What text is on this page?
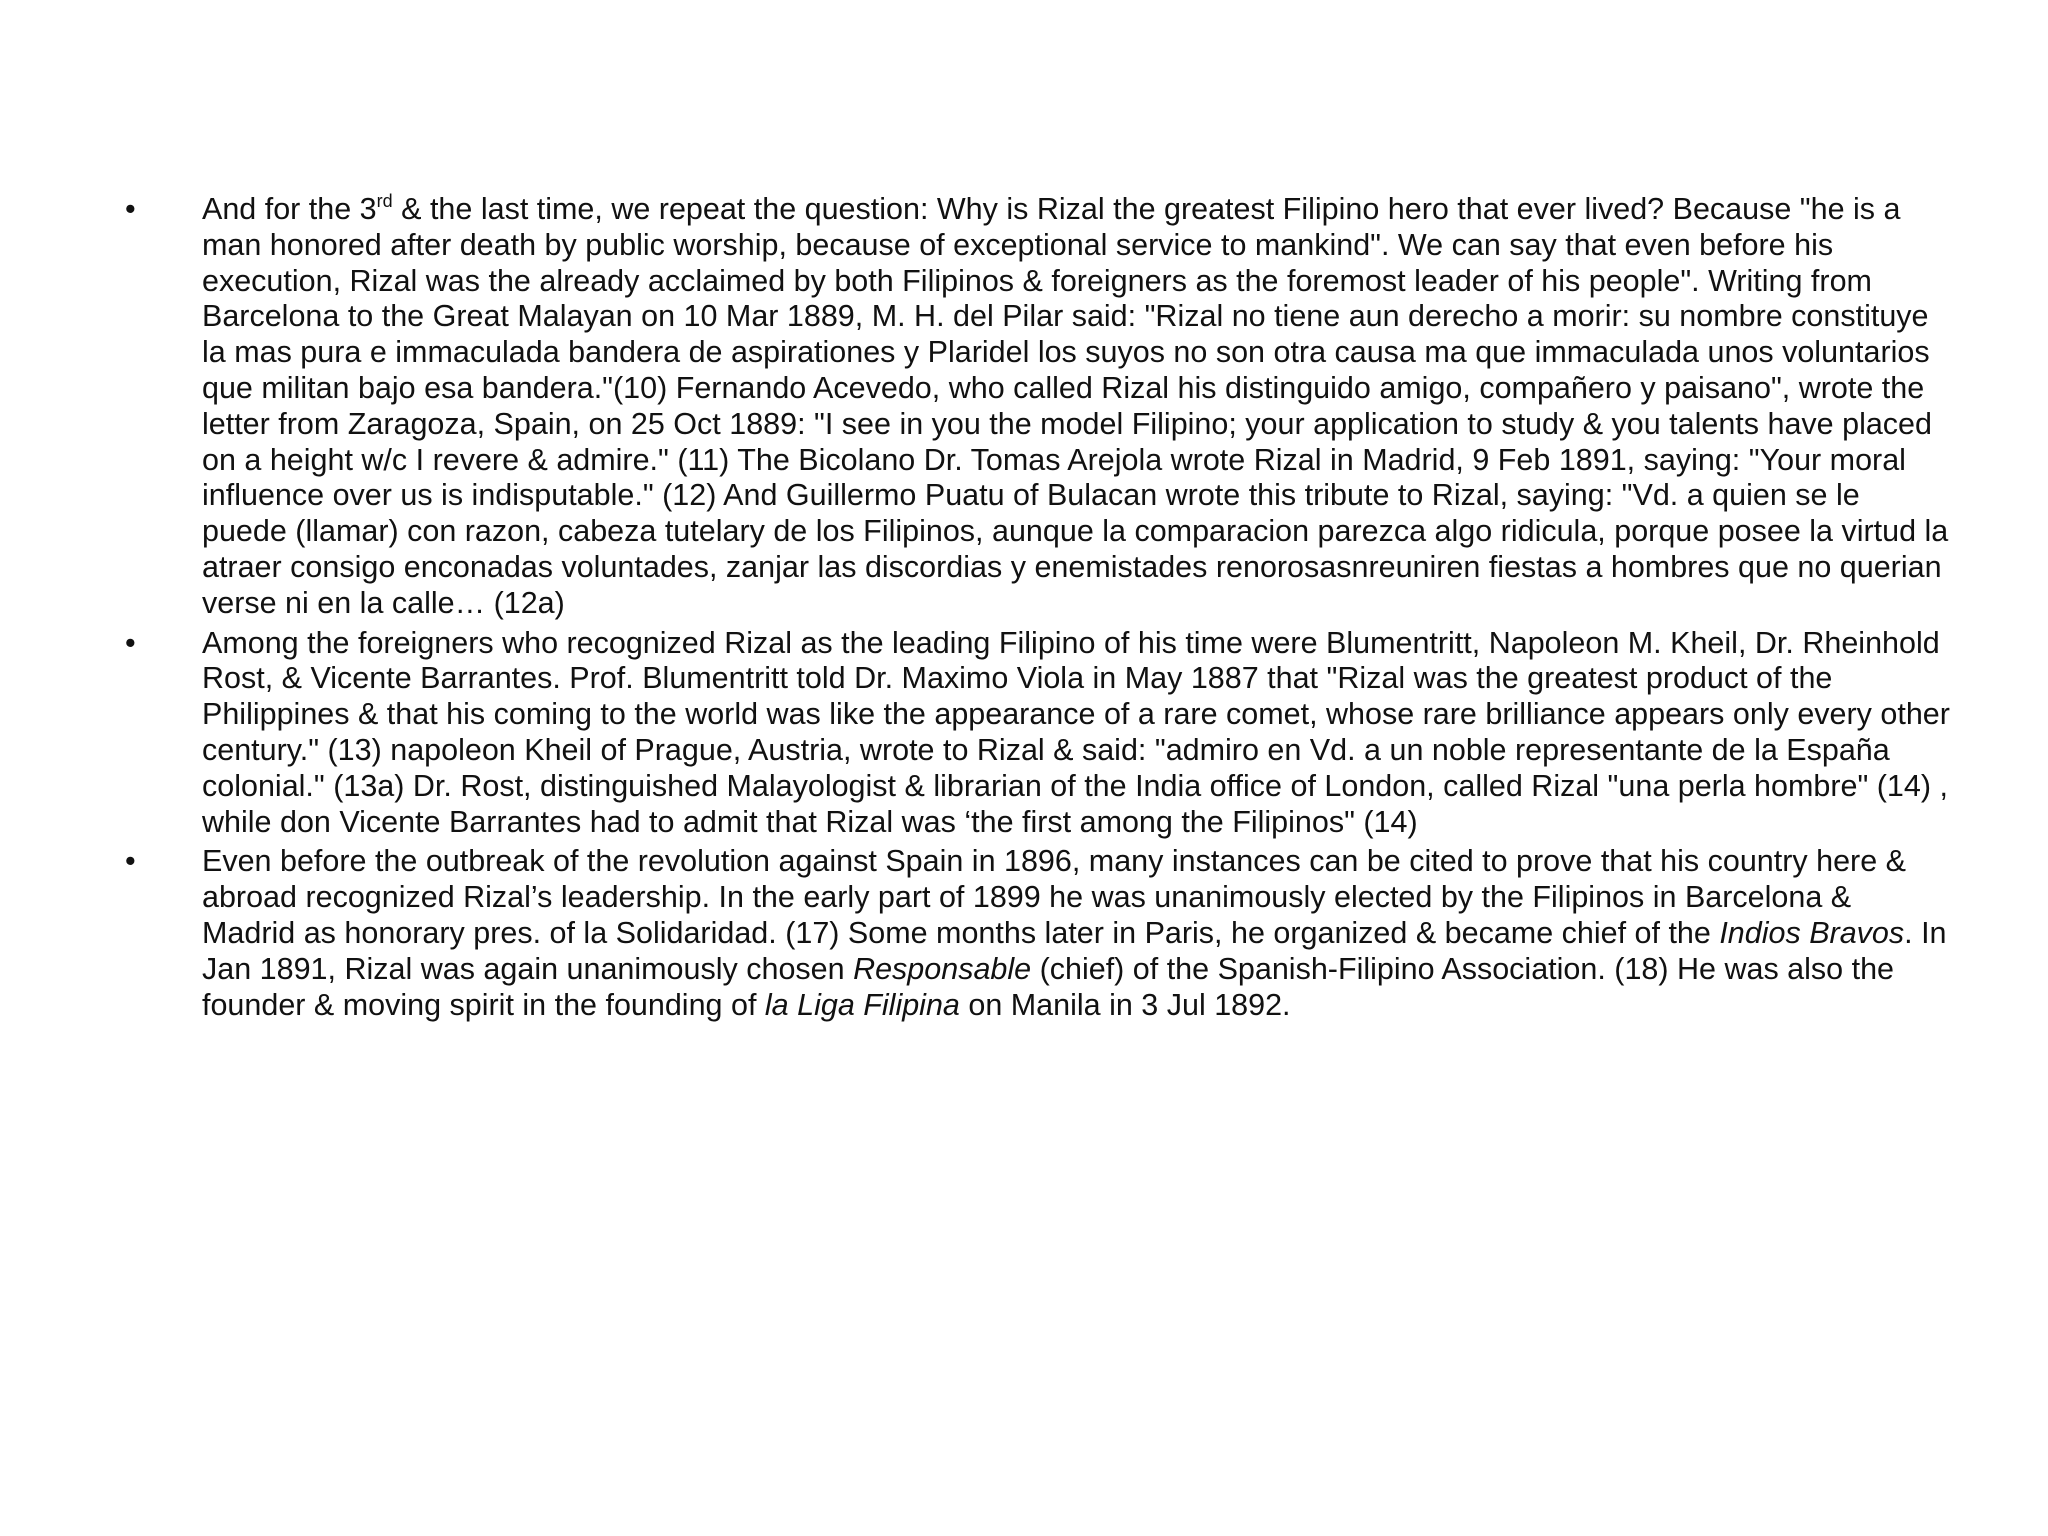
•	And for the 3rd & the last time, we repeat the question: Why is Rizal the greatest Filipino hero that ever lived? Because "he is a man honored after death by public worship, because of exceptional service to mankind". We can say that even before his execution, Rizal was the already acclaimed by both Filipinos & foreigners as the foremost leader of his people". Writing from Barcelona to the Great Malayan on 10 Mar 1889, M. H. del Pilar said: "Rizal no tiene aun derecho a morir: su nombre constituye la mas pura e immaculada bandera de aspirationes y Plaridel los suyos no son otra causa ma que immaculada unos voluntarios que militan bajo esa bandera."(10) Fernando Acevedo, who called Rizal his distinguido amigo, compañero y paisano", wrote the letter from Zaragoza, Spain, on 25 Oct 1889: "I see in you the model Filipino; your application to study & you talents have placed on a height w/c I revere & admire." (11) The Bicolano Dr. Tomas Arejola wrote Rizal in Madrid, 9 Feb 1891, saying: "Your moral influence over us is indisputable." (12) And Guillermo Puatu of Bulacan wrote this tribute to Rizal, saying: "Vd. a quien se le puede (llamar) con razon, cabeza tutelary de los Filipinos, aunque la comparacion parezca algo ridicula, porque posee la virtud la atraer consigo enconadas voluntades, zanjar las discordias y enemistades renorosasnreuniren fiestas a hombres que no querian verse ni en la calle… (12a)
•	Among the foreigners who recognized Rizal as the leading Filipino of his time were Blumentritt, Napoleon M. Kheil, Dr. Rheinhold Rost, & Vicente Barrantes. Prof. Blumentritt told Dr. Maximo Viola in May 1887 that "Rizal was the greatest product of the Philippines & that his coming to the world was like the appearance of a rare comet, whose rare brilliance appears only every other century." (13) napoleon Kheil of Prague, Austria, wrote to Rizal & said: "admiro en Vd. a un noble representante de la España colonial." (13a) Dr. Rost, distinguished Malayologist & librarian of the India office of London, called Rizal "una perla hombre" (14) , while don Vicente Barrantes had to admit that Rizal was ‘the first among the Filipinos" (14)
•	Even before the outbreak of the revolution against Spain in 1896, many instances can be cited to prove that his country here & abroad recognized Rizal’s leadership. In the early part of 1899 he was unanimously elected by the Filipinos in Barcelona & Madrid as honorary pres. of la Solidaridad. (17) Some months later in Paris, he organized & became chief of the Indios Bravos. In Jan 1891, Rizal was again unanimously chosen Responsable (chief) of the Spanish-Filipino Association. (18) He was also the founder & moving spirit in the founding of la Liga Filipina on Manila in 3 Jul 1892.
